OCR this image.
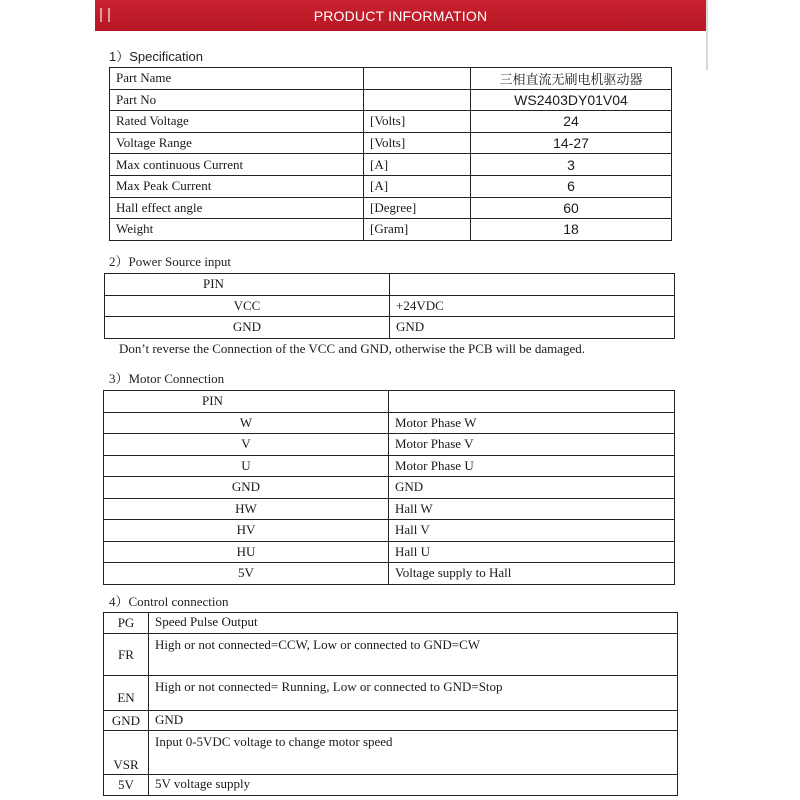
PRODUCT INFORMATION
1）Specification
Part Name		三相直流无刷电机驱动器
Part No		WS2403DY01V04
Rated Voltage	[Volts]	24
Voltage Range	[Volts]	14-27
Max continuous Current	[A]	3
Max Peak Current	[A]	6
Hall effect angle	[Degree]	60
Weight	[Gram]	18
2）Power Source input
PIN	
VCC	+24VDC
GND	GND
Don’t reverse the Connection of the VCC and GND, otherwise the PCB will be damaged.
3）Motor Connection
PIN	
W	Motor Phase W
V	Motor Phase V
U	Motor Phase U
GND	GND
HW	Hall W
HV	Hall V
HU	Hall U
5V	Voltage supply to Hall
4）Control connection
PG	Speed Pulse Output
FR	High or not connected=CCW, Low or connected to GND=CW
EN	High or not connected= Running, Low or connected to GND=Stop
GND	GND
VSR	Input 0-5VDC voltage to change motor speed
5V	5V voltage supply
